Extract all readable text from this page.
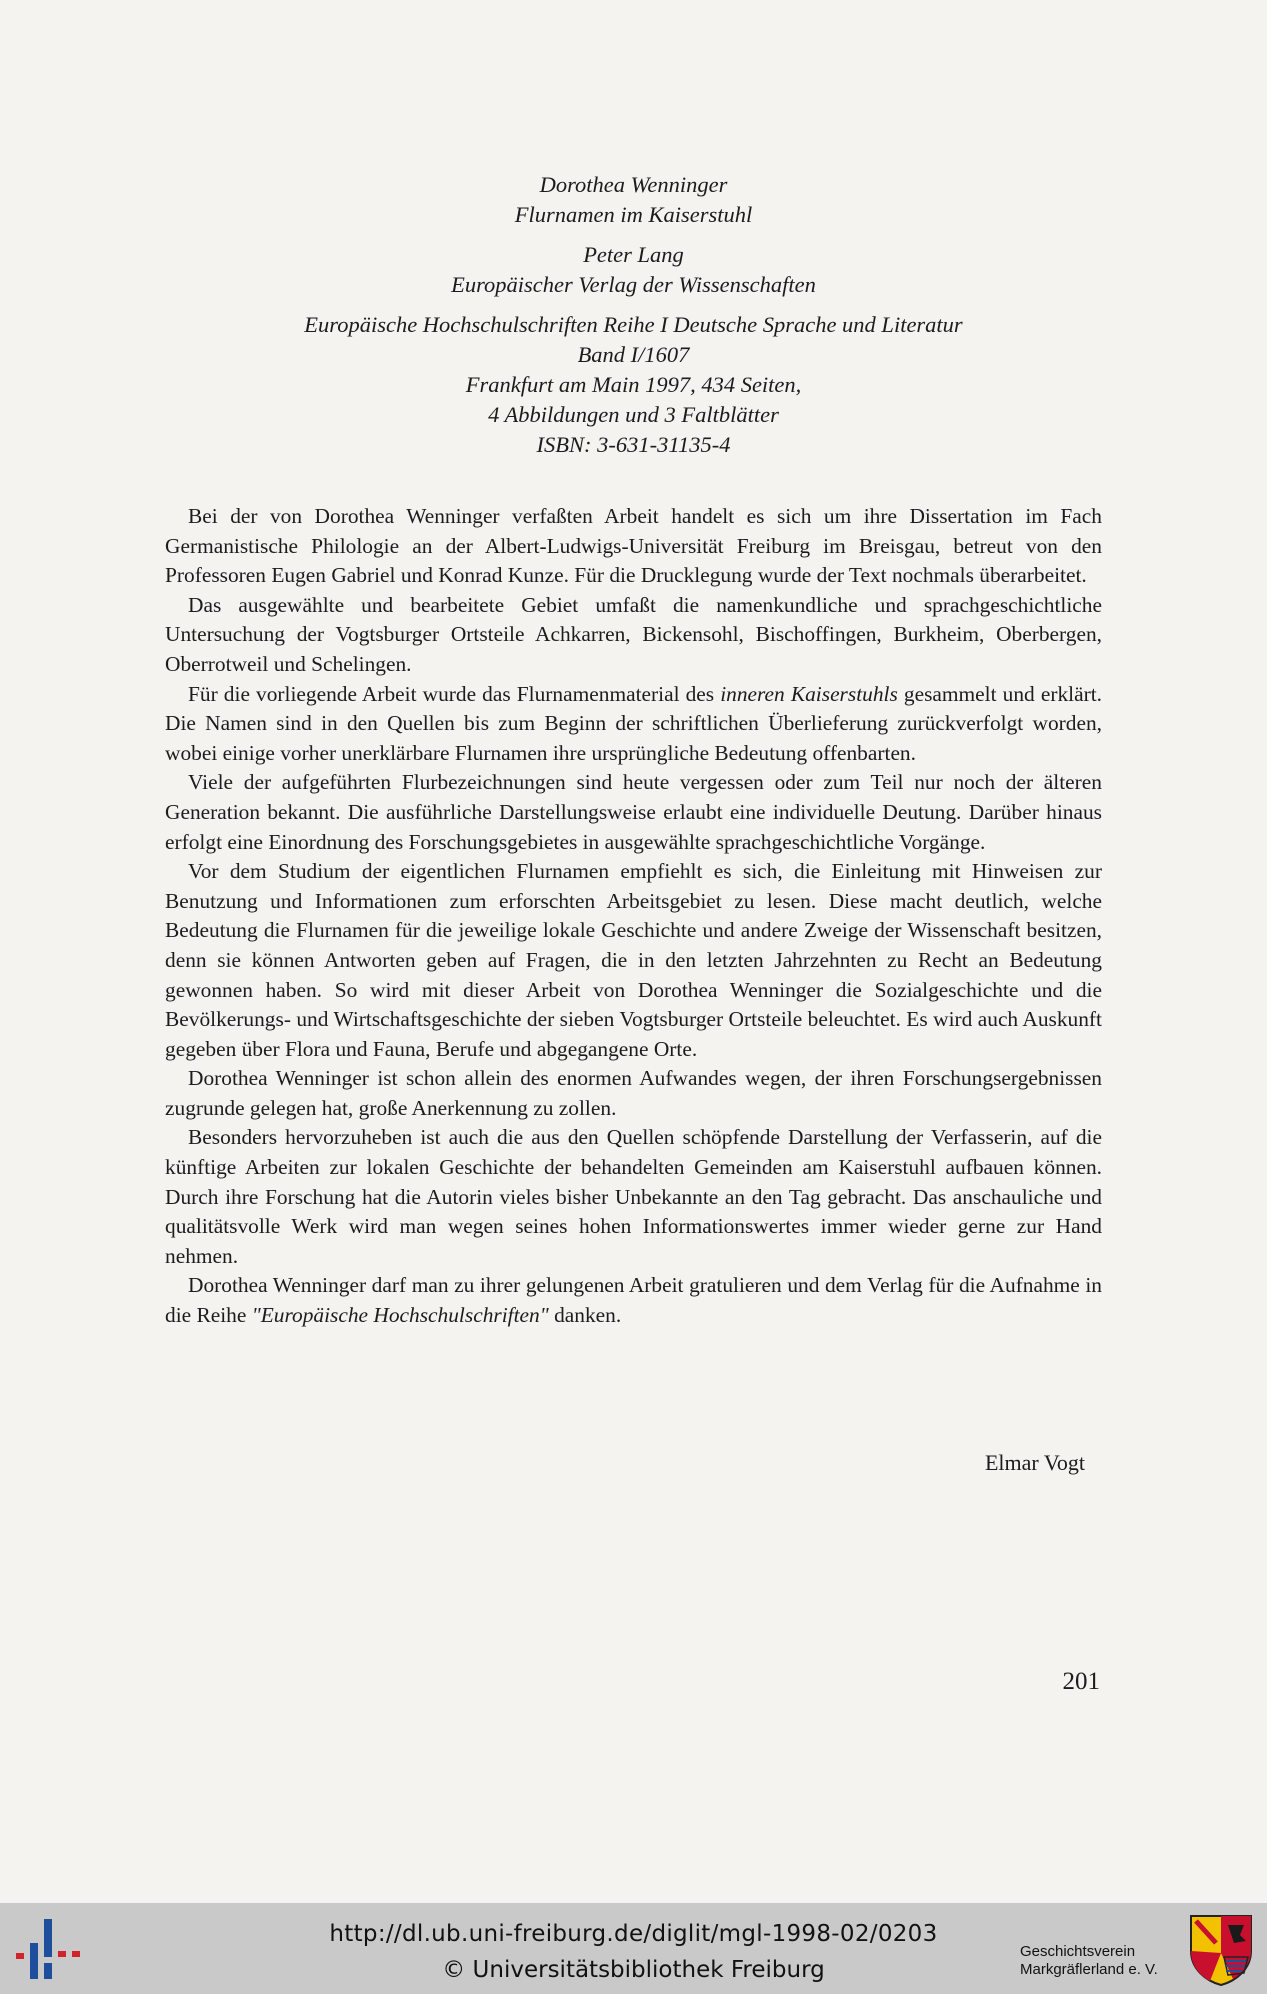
Dorothea Wenninger
Flurnamen im Kaiserstuhl
Peter Lang
Europäischer Verlag der Wissenschaften
Europäische Hochschulschriften Reihe I Deutsche Sprache und Literatur
Band I/1607
Frankfurt am Main 1997, 434 Seiten,
4 Abbildungen und 3 Faltblätter
ISBN: 3-631-31135-4

Bei der von Dorothea Wenninger verfaßten Arbeit handelt es sich um ihre Dissertation im Fach Germanistische Philologie an der Albert-Ludwigs-Universität Freiburg im Breisgau, betreut von den Professoren Eugen Gabriel und Konrad Kunze. Für die Drucklegung wurde der Text nochmals überarbeitet.

Das ausgewählte und bearbeitete Gebiet umfaßt die namenkundliche und sprachgeschichtliche Untersuchung der Vogtsburger Ortsteile Achkarren, Bickensohl, Bischoffingen, Burkheim, Oberbergen, Oberrotweil und Schelingen.

Für die vorliegende Arbeit wurde das Flurnamenmaterial des inneren Kaiserstuhls gesammelt und erklärt. Die Namen sind in den Quellen bis zum Beginn der schriftlichen Überlieferung zurückverfolgt worden, wobei einige vorher unerklärbare Flurnamen ihre ursprüngliche Bedeutung offenbarten.

Viele der aufgeführten Flurbezeichnungen sind heute vergessen oder zum Teil nur noch der älteren Generation bekannt. Die ausführliche Darstellungsweise erlaubt eine individuelle Deutung. Darüber hinaus erfolgt eine Einordnung des Forschungsgebietes in ausgewählte sprachgeschichtliche Vorgänge.

Vor dem Studium der eigentlichen Flurnamen empfiehlt es sich, die Einleitung mit Hinweisen zur Benutzung und Informationen zum erforschten Arbeitsgebiet zu lesen. Diese macht deutlich, welche Bedeutung die Flurnamen für die jeweilige lokale Geschichte und andere Zweige der Wissenschaft besitzen, denn sie können Antworten geben auf Fragen, die in den letzten Jahrzehnten zu Recht an Bedeutung gewonnen haben. So wird mit dieser Arbeit von Dorothea Wenninger die Sozialgeschichte und die Bevölkerungs- und Wirtschaftsgeschichte der sieben Vogtsburger Ortsteile beleuchtet. Es wird auch Auskunft gegeben über Flora und Fauna, Berufe und abgegangene Orte.

Dorothea Wenninger ist schon allein des enormen Aufwandes wegen, der ihren Forschungsergebnissen zugrunde gelegen hat, große Anerkennung zu zollen.

Besonders hervorzuheben ist auch die aus den Quellen schöpfende Darstellung der Verfasserin, auf die künftige Arbeiten zur lokalen Geschichte der behandelten Gemeinden am Kaiserstuhl aufbauen können. Durch ihre Forschung hat die Autorin vieles bisher Unbekannte an den Tag gebracht. Das anschauliche und qualitätsvolle Werk wird man wegen seines hohen Informationswertes immer wieder gerne zur Hand nehmen.

Dorothea Wenninger darf man zu ihrer gelungenen Arbeit gratulieren und dem Verlag für die Aufnahme in die Reihe "Europäische Hochschulschriften" danken.

Elmar Vogt
201
http://dl.ub.uni-freiburg.de/diglit/mgl-1998-02/0203
© Universitätsbibliothek Freiburg
Geschichtsverein
Markgräflerland e. V.
